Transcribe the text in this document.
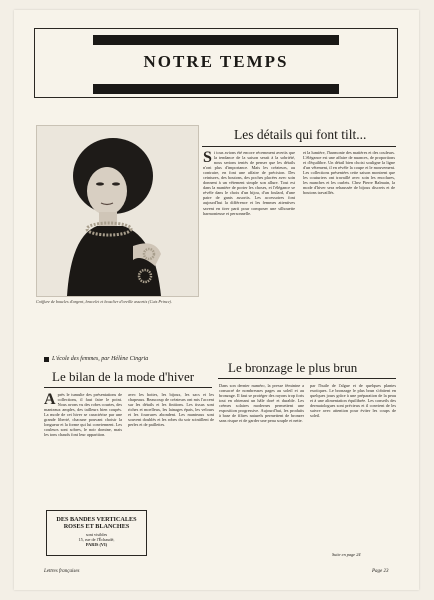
NOTRE TEMPS
Coiffure de boucles d'argent, bracelet et bouclier d'oreille assortis (Cuis Prince).
Les détails qui font tilt...
Si tous avions été encore récemment avertis que la tendance de la saison serait à la sobriété, nous serions tentés de penser que les détails n'ont plus d'importance. Mais les créateurs, au contraire, en font une affaire de précision. Des ceintures, des boutons, des poches placées avec soin donnent à un vêtement simple son allure. Tout est dans la manière de porter les choses, et l'élégance se révèle dans le choix d'un bijou, d'un foulard, d'une paire de gants assortis. Les accessoires font aujourd'hui la différence et les femmes attentives savent en tirer parti pour composer une silhouette harmonieuse et personnelle.
et la lumière, l'harmonie des matières et des couleurs. L'élégance est une affaire de nuances, de proportions et d'équilibre. Un détail bien choisi souligne la ligne d'un vêtement, il en révèle la coupe et le mouvement. Les collections présentées cette saison montrent que les couturiers ont travaillé avec soin les encolures, les manches et les ourlets. Chez Pierre Balmain, la mode d'hiver sera rehaussée de bijoux discrets et de boutons travaillés.
L'école des femmes, par Hélène Cingria
Le bilan de la mode d'hiver
Après le tumulte des présentations de collections, il faut faire le point. Nous avons vu des robes courtes, des manteaux amples, des tailleurs bien coupés. La mode de cet hiver se caractérise par une grande liberté, chacune pouvant choisir la longueur et la forme qui lui conviennent. Les couleurs sont sobres, le noir domine, mais les tons chauds font leur apparition.
avec les bottes, les bijoux, les sacs et les chapeaux. Beaucoup de créateurs ont mis l'accent sur les détails et les finitions. Les tissus sont riches et moelleux, les lainages épais, les velours et les fourrures abondent. Les manteaux sont souvent doublés et les robes du soir scintillent de perles et de paillettes.
DES BANDES VERTICALES
ROSES ET BLANCHES
sont visibles
15, rue de l'Échaudé,
PARIS (VI)
Le bronzage le plus brun
Dans son dernier numéro, la presse féminine a consacré de nombreuses pages au soleil et au bronzage. Il faut se protéger des rayons trop forts tout en obtenant un hâle doré et durable. Les crèmes solaires modernes permettent une exposition progressive. Aujourd'hui, les produits à base de filtres naturels permettent de bronzer sans risque et de garder une peau souple et nette.
par l'huile de l'algue et de quelques plantes exotiques. Le bronzage le plus brun s'obtient en quelques jours grâce à une préparation de la peau et à une alimentation équilibrée. Les conseils des dermatologues sont précieux et il convient de les suivre avec attention pour éviter les coups de soleil.
Suite en page 24
Lettres françaises	Page 23
